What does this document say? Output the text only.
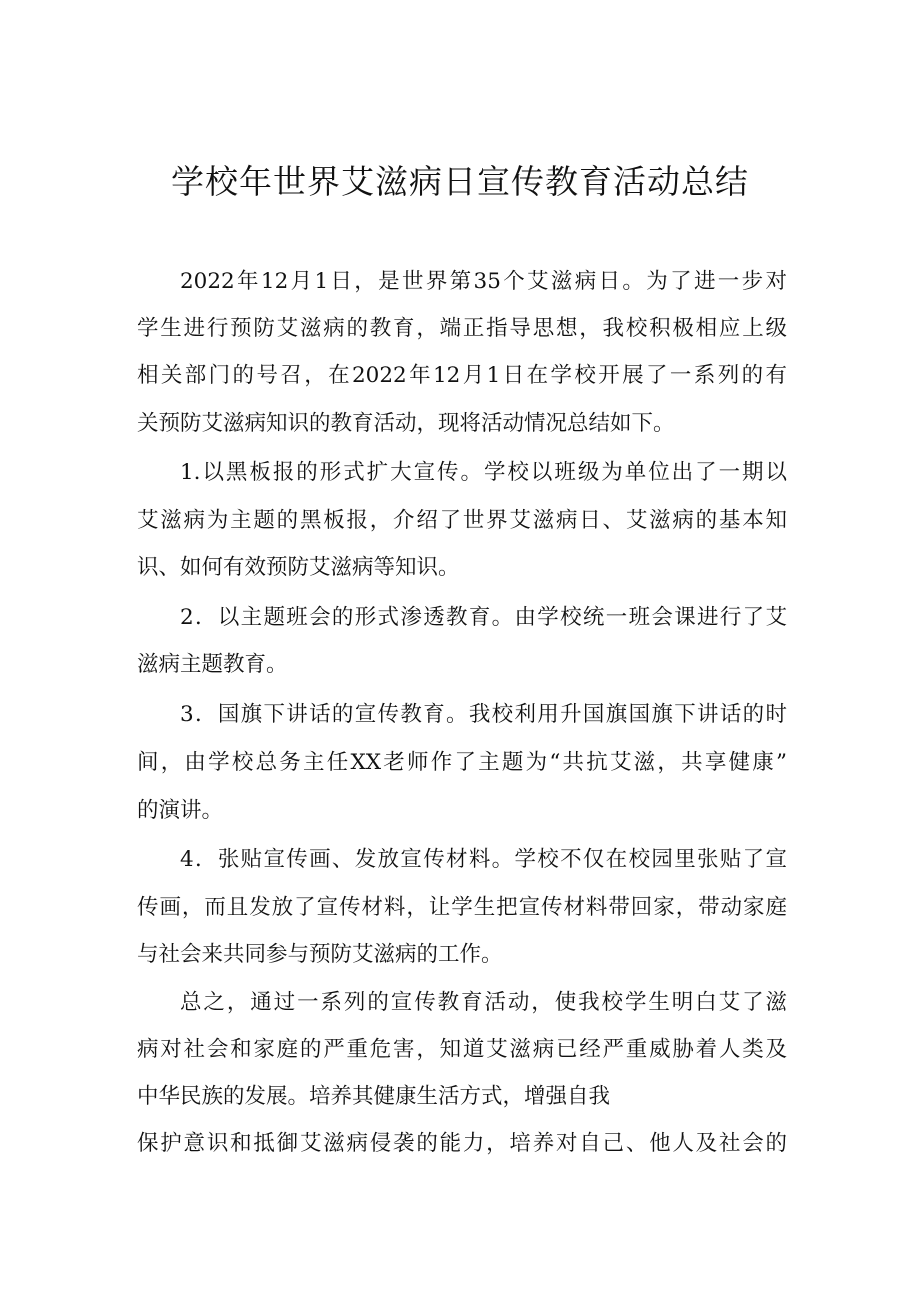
学校年世界艾滋病日宣传教育活动总结

2022年12月1日，是世界第35个艾滋病日。为了进一步对

学生进行预防艾滋病的教育，端正指导思想，我校积极相应上级

相关部门的号召，在2022年12月1日在学校开展了一系列的有

关预防艾滋病知识的教育活动，现将活动情况总结如下。

1.以黑板报的形式扩大宣传。学校以班级为单位出了一期以

艾滋病为主题的黑板报，介绍了世界艾滋病日、艾滋病的基本知

识、如何有效预防艾滋病等知识。

2．以主题班会的形式渗透教育。由学校统一班会课进行了艾

滋病主题教育。

3．国旗下讲话的宣传教育。我校利用升国旗国旗下讲话的时

间，由学校总务主任XX老师作了主题为“共抗艾滋，共享健康”

的演讲。

4．张贴宣传画、发放宣传材料。学校不仅在校园里张贴了宣

传画，而且发放了宣传材料，让学生把宣传材料带回家，带动家庭

与社会来共同参与预防艾滋病的工作。

总之，通过一系列的宣传教育活动，使我校学生明白艾了滋

病对社会和家庭的严重危害，知道艾滋病已经严重威胁着人类及

中华民族的发展。培养其健康生活方式，增强自我

保护意识和抵御艾滋病侵袭的能力，培养对自己、他人及社会的
